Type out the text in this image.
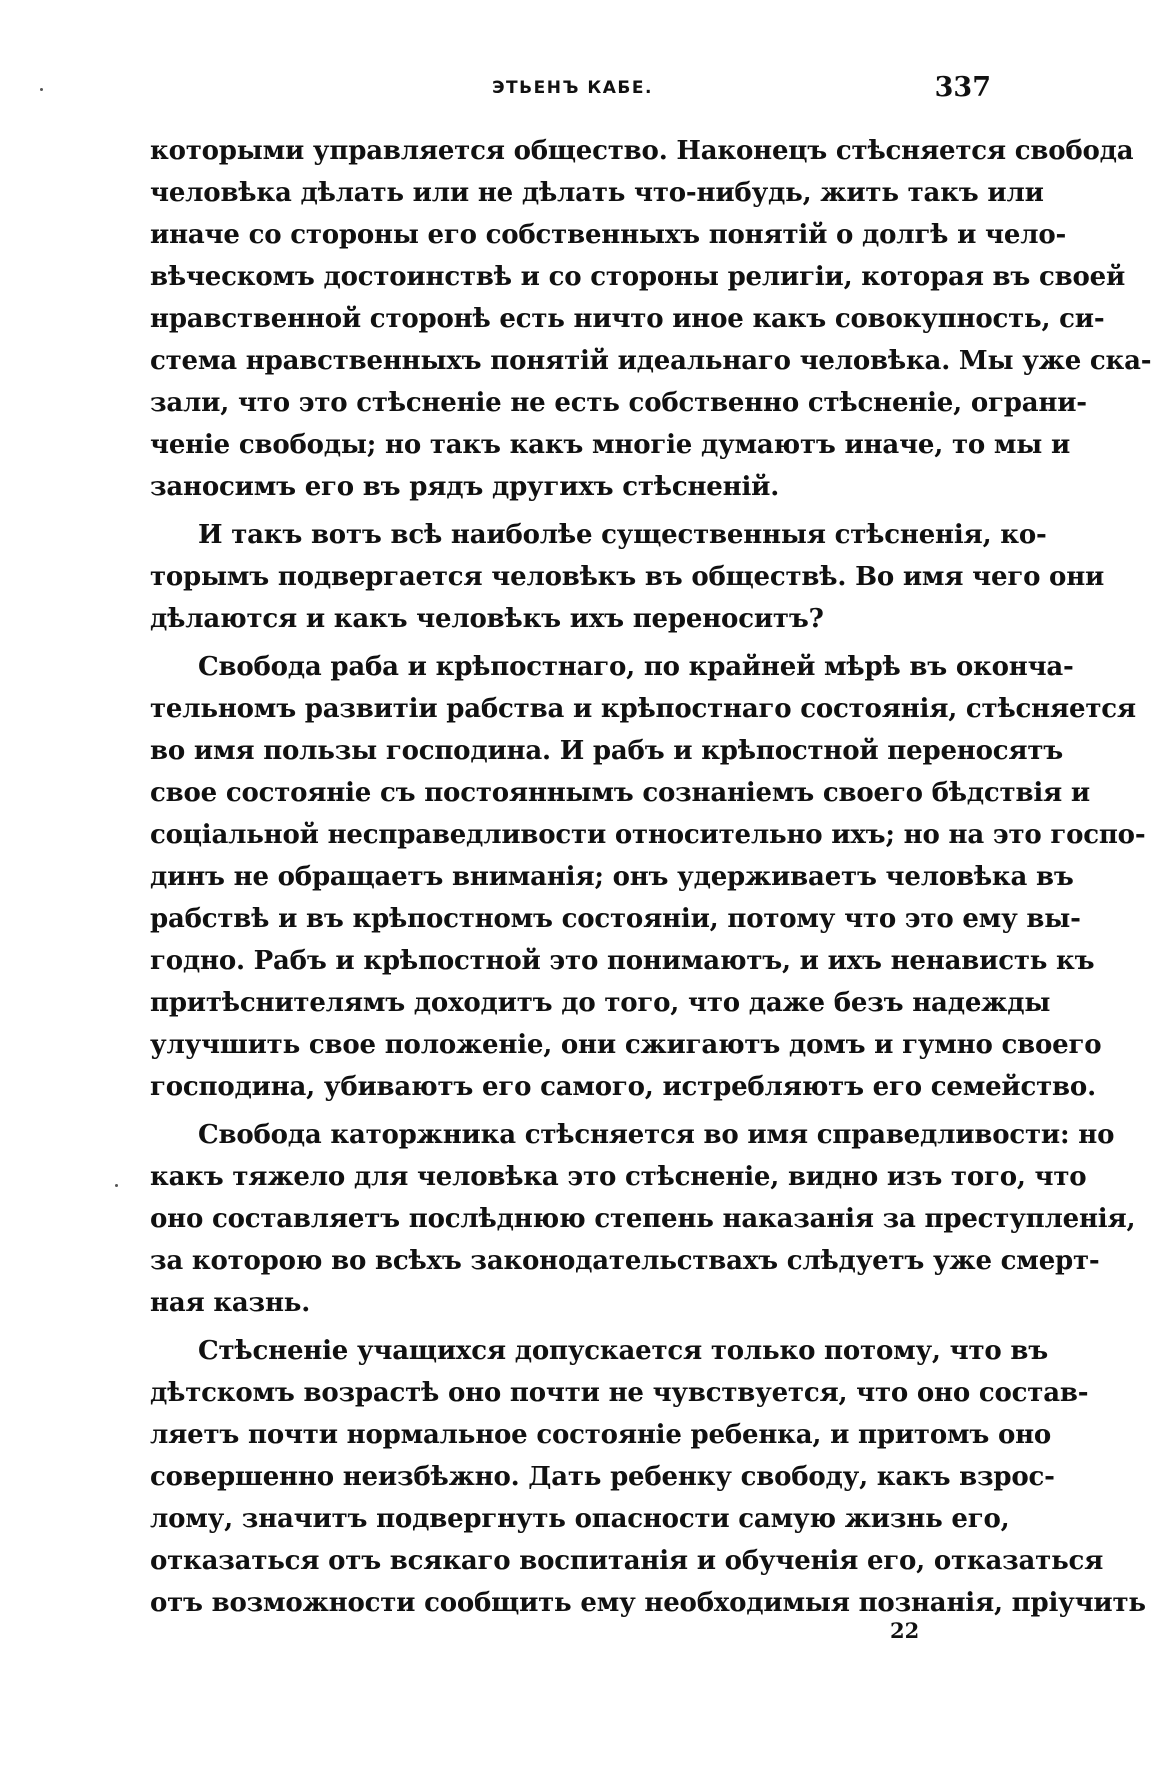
ЭТЬЕНЪ КАБЕ.	337
которыми управляется общество. Наконецъ стѣсняется свобода
человѣка дѣлать или не дѣлать что-нибудь, жить такъ или
иначе со стороны его собственныхъ понятій о долгѣ и чело-
вѣческомъ достоинствѣ и со стороны религіи, которая въ своей
нравственной сторонѣ есть ничто иное какъ совокупность, си-
стема нравственныхъ понятій идеальнаго человѣка. Мы уже ска-
зали, что это стѣсненіе не есть собственно стѣсненіе, ограни-
ченіе свободы; но такъ какъ многіе думаютъ иначе, то мы и
заносимъ его въ рядъ другихъ стѣсненій.
И такъ вотъ всѣ наиболѣе существенныя стѣсненія, ко-
торымъ подвергается человѣкъ въ обществѣ. Во имя чего они
дѣлаются и какъ человѣкъ ихъ переноситъ?
Свобода раба и крѣпостнаго, по крайней мѣрѣ въ оконча-
тельномъ развитіи рабства и крѣпостнаго состоянія, стѣсняется
во имя пользы господина. И рабъ и крѣпостной переносятъ
свое состояніе съ постояннымъ сознаніемъ своего бѣдствія и
соціальной несправедливости относительно ихъ; но на это госпо-
динъ не обращаетъ вниманія; онъ удерживаетъ человѣка въ
рабствѣ и въ крѣпостномъ состояніи, потому что это ему вы-
годно. Рабъ и крѣпостной это понимаютъ, и ихъ ненависть къ
притѣснителямъ доходитъ до того, что даже безъ надежды
улучшить свое положеніе, они сжигаютъ домъ и гумно своего
господина, убиваютъ его самого, истребляютъ его семейство.
Свобода каторжника стѣсняется во имя справедливости: но
какъ тяжело для человѣка это стѣсненіе, видно изъ того, что
оно составляетъ послѣднюю степень наказанія за преступленія,
за которою во всѣхъ законодательствахъ слѣдуетъ уже смерт-
ная казнь.
Стѣсненіе учащихся допускается только потому, что въ
дѣтскомъ возрастѣ оно почти не чувствуется, что оно состав-
ляетъ почти нормальное состояніе ребенка, и притомъ оно
совершенно неизбѣжно. Дать ребенку свободу, какъ взрос-
лому, значитъ подвергнуть опасности самую жизнь его,
отказаться отъ всякаго воспитанія и обученія его, отказаться
отъ возможности сообщить ему необходимыя познанія, пріучить
22
